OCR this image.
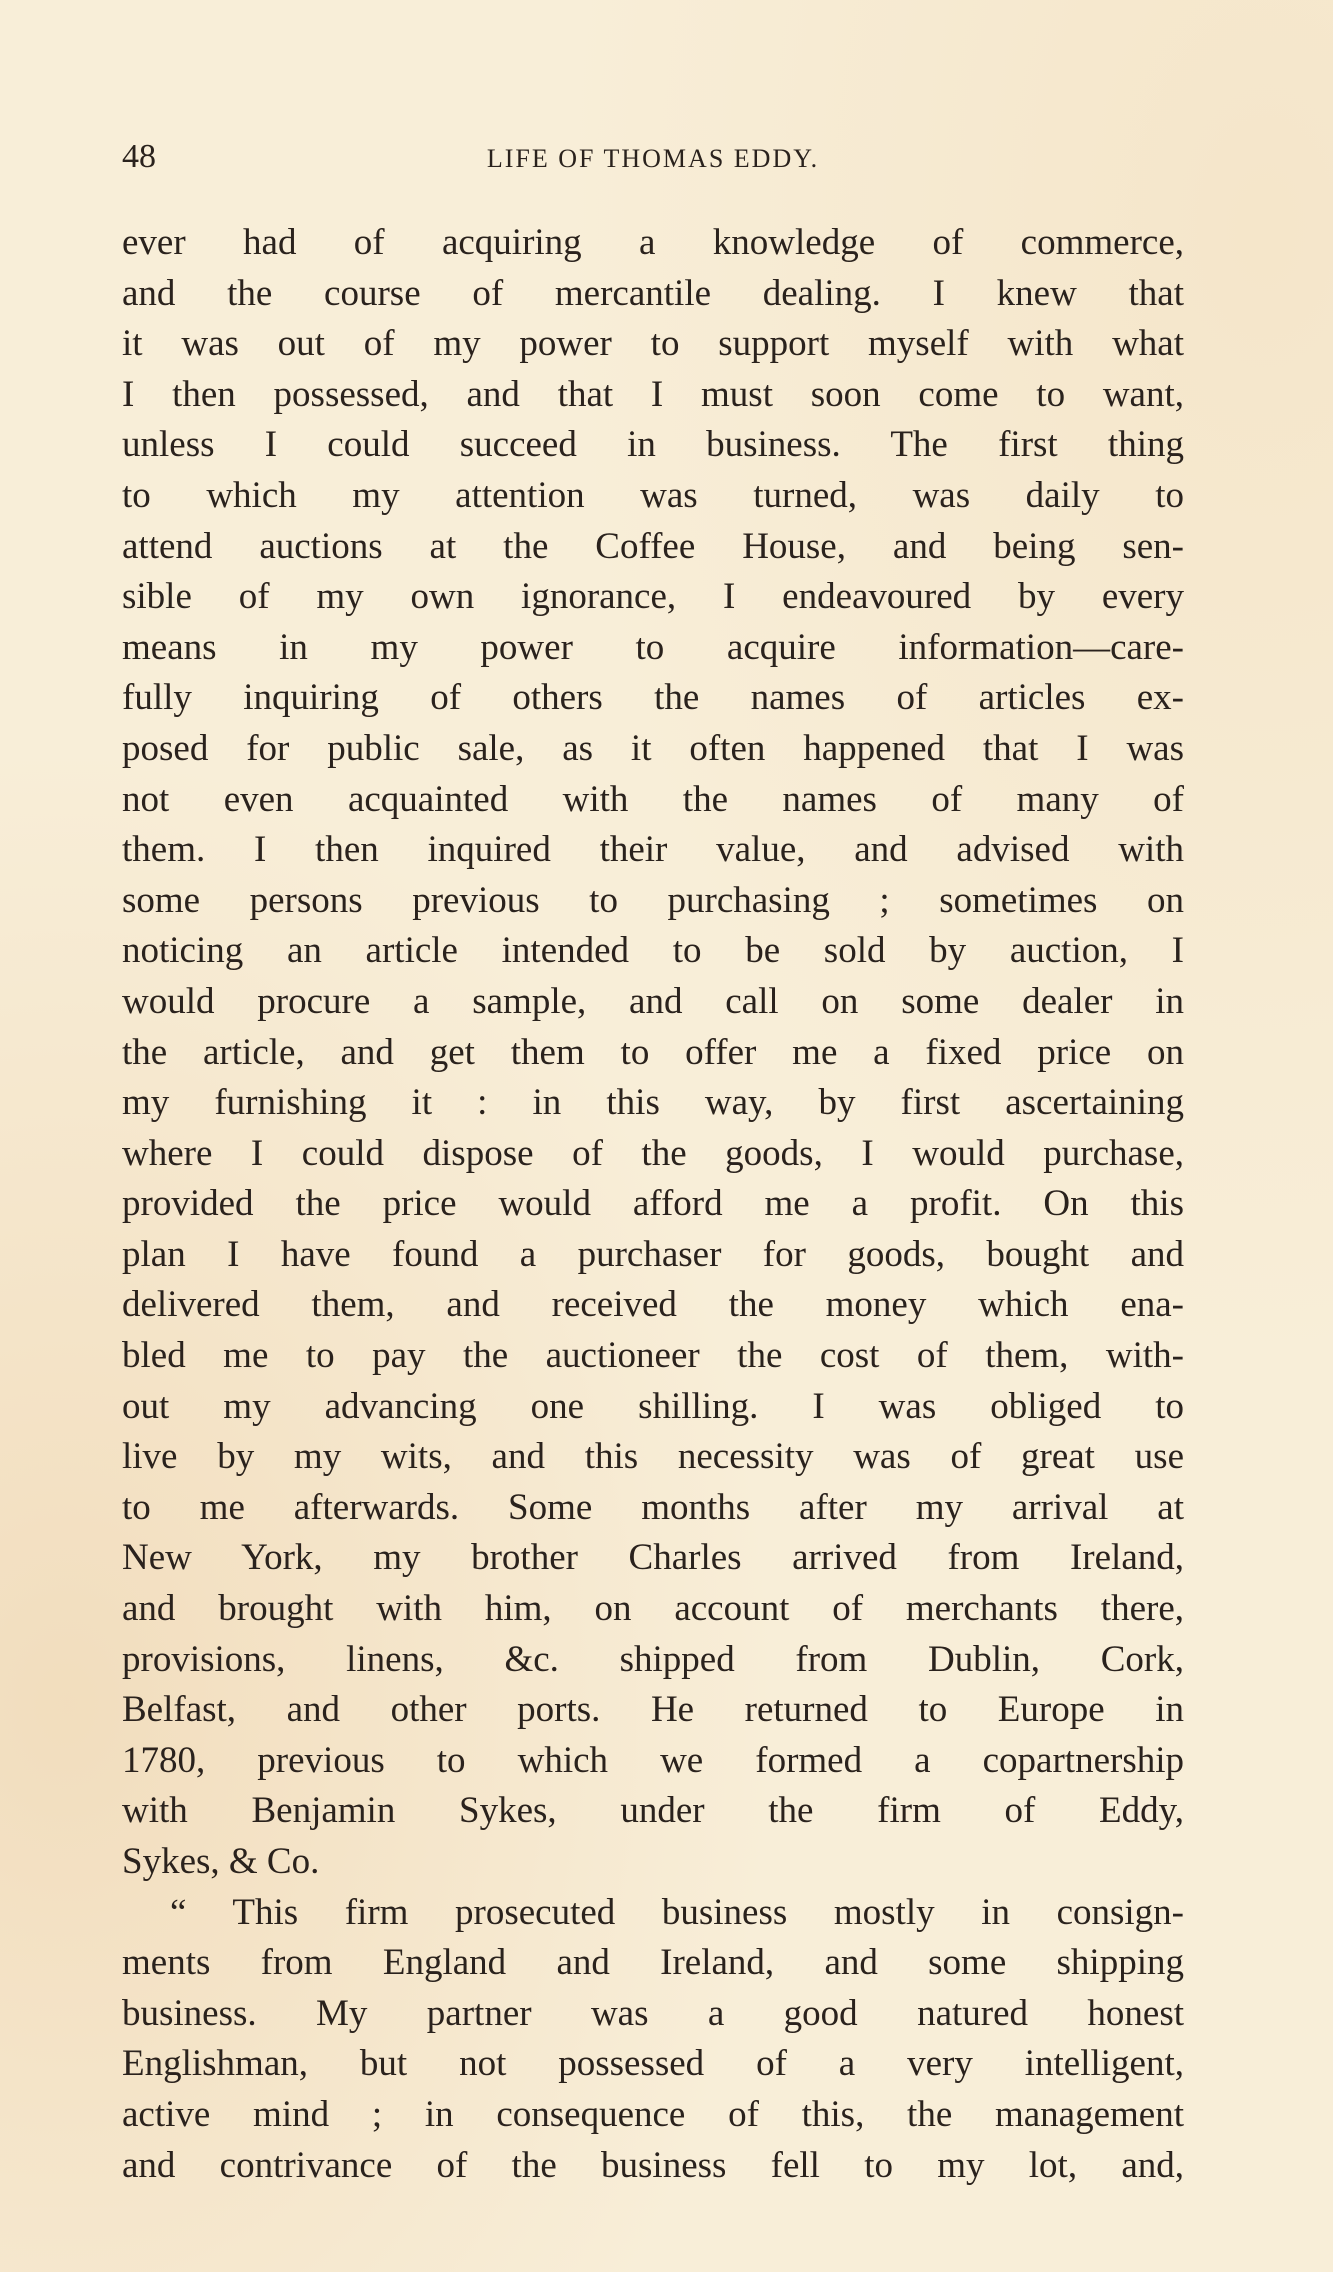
48	LIFE OF THOMAS EDDY.
ever had of acquiring a knowledge of commerce,
and the course of mercantile dealing. I knew that
it was out of my power to support myself with what
I then possessed, and that I must soon come to want,
unless I could succeed in business. The first thing
to which my attention was turned, was daily to
attend auctions at the Coffee House, and being sen-
sible of my own ignorance, I endeavoured by every
means in my power to acquire information—care-
fully inquiring of others the names of articles ex-
posed for public sale, as it often happened that I was
not even acquainted with the names of many of
them. I then inquired their value, and advised with
some persons previous to purchasing ; sometimes on
noticing an article intended to be sold by auction, I
would procure a sample, and call on some dealer in
the article, and get them to offer me a fixed price on
my furnishing it : in this way, by first ascertaining
where I could dispose of the goods, I would purchase,
provided the price would afford me a profit. On this
plan I have found a purchaser for goods, bought and
delivered them, and received the money which ena-
bled me to pay the auctioneer the cost of them, with-
out my advancing one shilling. I was obliged to
live by my wits, and this necessity was of great use
to me afterwards. Some months after my arrival at
New York, my brother Charles arrived from Ireland,
and brought with him, on account of merchants there,
provisions, linens, &c. shipped from Dublin, Cork,
Belfast, and other ports. He returned to Europe in
1780, previous to which we formed a copartnership
with Benjamin Sykes, under the firm of Eddy,
Sykes, & Co.
“ This firm prosecuted business mostly in consign-
ments from England and Ireland, and some shipping
business. My partner was a good natured honest
Englishman, but not possessed of a very intelligent,
active mind ; in consequence of this, the management
and contrivance of the business fell to my lot, and,
